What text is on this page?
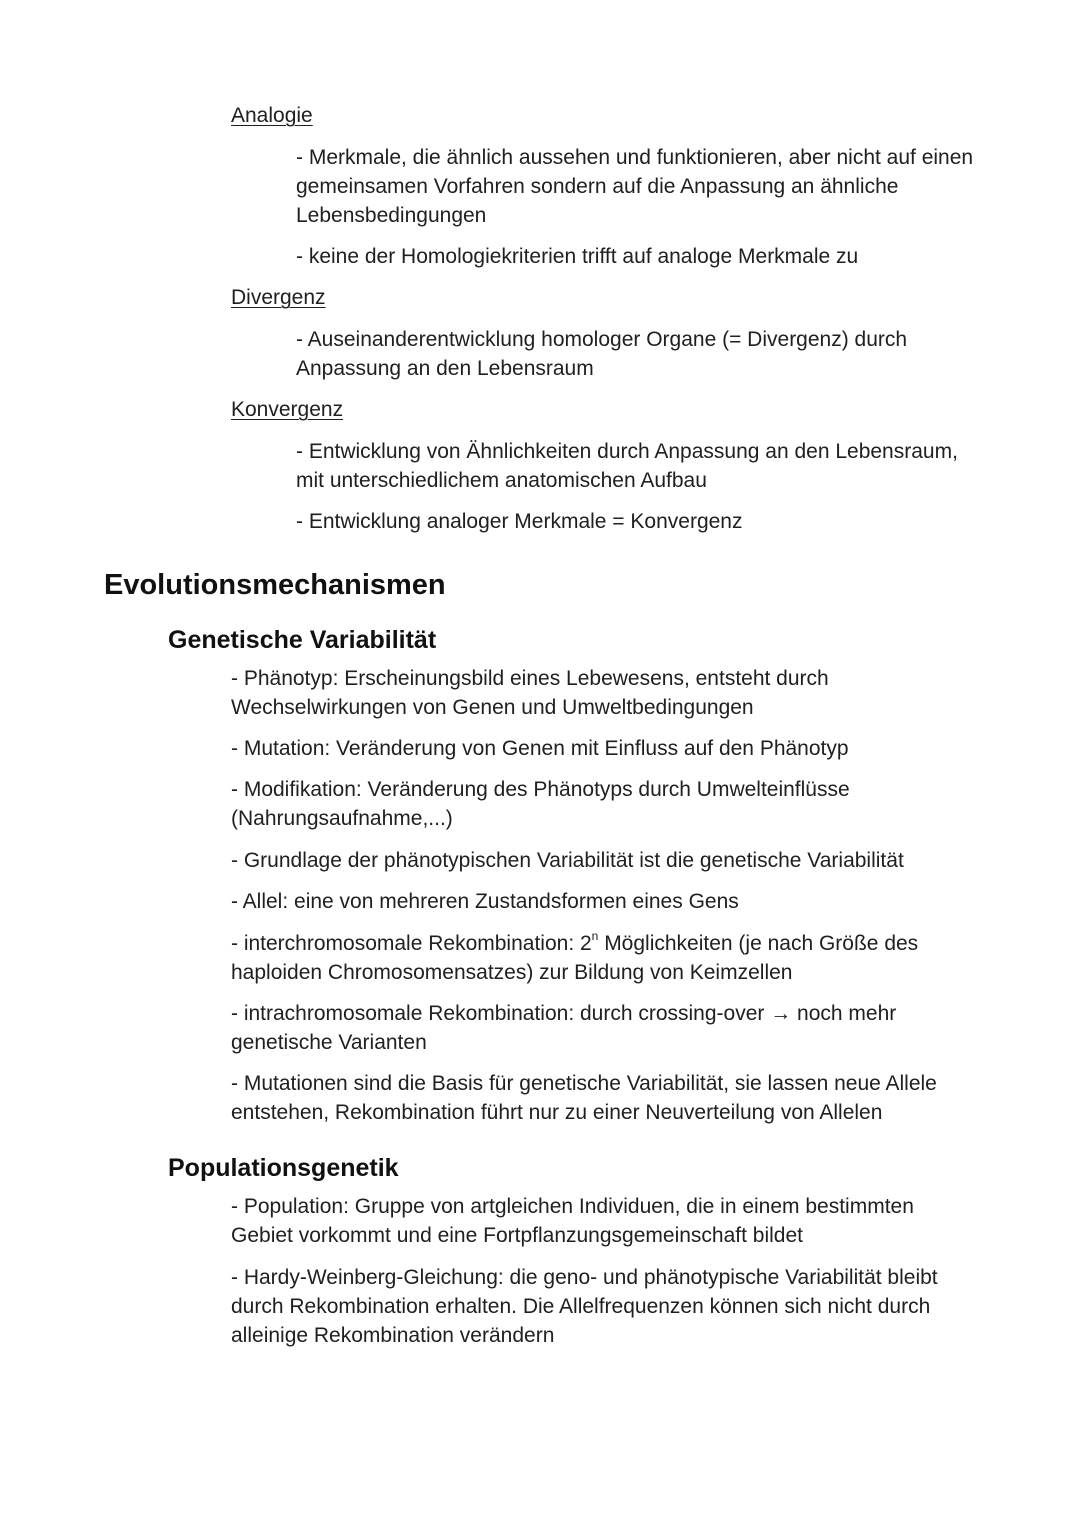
Analogie

- Merkmale, die ähnlich aussehen und funktionieren, aber nicht auf einen gemeinsamen Vorfahren sondern auf die Anpassung an ähnliche Lebensbedingungen

- keine der Homologiekriterien trifft auf analoge Merkmale zu

Divergenz

- Auseinanderentwicklung homologer Organe (= Divergenz) durch Anpassung an den Lebensraum

Konvergenz

- Entwicklung von Ähnlichkeiten durch Anpassung an den Lebensraum, mit unterschiedlichem anatomischen Aufbau

- Entwicklung analoger Merkmale = Konvergenz

Evolutionsmechanismen
Genetische Variabilität

- Phänotyp: Erscheinungsbild eines Lebewesens, entsteht durch Wechselwirkungen von Genen und Umweltbedingungen

- Mutation: Veränderung von Genen mit Einfluss auf den Phänotyp

- Modifikation: Veränderung des Phänotyps durch Umwelteinflüsse (Nahrungsaufnahme,...)

- Grundlage der phänotypischen Variabilität ist die genetische Variabilität

- Allel: eine von mehreren Zustandsformen eines Gens

- interchromosomale Rekombination: 2$^n$ Möglichkeiten (je nach Größe des haploiden Chromosomensatzes) zur Bildung von Keimzellen

- intrachromosomale Rekombination: durch crossing-over → noch mehr genetische Varianten

- Mutationen sind die Basis für genetische Variabilität, sie lassen neue Allele entstehen, Rekombination führt nur zu einer Neuverteilung von Allelen

Populationsgenetik

- Population: Gruppe von artgleichen Individuen, die in einem bestimmten Gebiet vorkommt und eine Fortpflanzungsgemeinschaft bildet

- Hardy-Weinberg-Gleichung: die geno- und phänotypische Variabilität bleibt durch Rekombination erhalten. Die Allelfrequenzen können sich nicht durch alleinige Rekombination verändern
